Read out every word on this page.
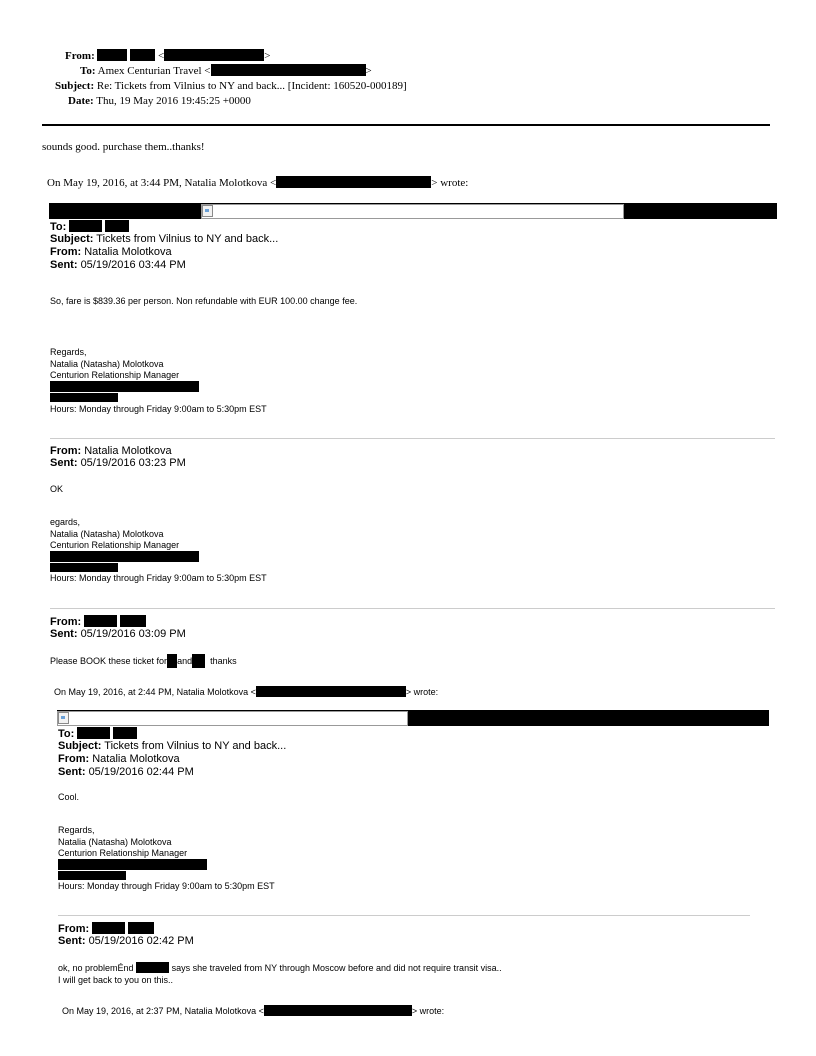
From:	<	>
To: Amex Centurian Travel <	>
Subject: Re: Tickets from Vilnius to NY and back... [Incident: 160520-000189]
Date: Thu, 19 May 2016 19:45:25 +0000
sounds good. purchase them..thanks!
On May 19, 2016, at 3:44 PM, Natalia Molotkova <	> wrote:
To:
Subject: Tickets from Vilnius to NY and back...
From: Natalia Molotkova
Sent: 05/19/2016 03:44 PM
So, fare is $839.36 per person. Non refundable with EUR 100.00 change fee.
Regards,
Natalia (Natasha) Molotkova
Centurion Relationship Manager
Hours: Monday through Friday 9:00am to 5:30pm EST
From: Natalia Molotkova
Sent: 05/19/2016 03:23 PM
OK
egards,
Natalia (Natasha) Molotkova
Centurion Relationship Manager
Hours: Monday through Friday 9:00am to 5:30pm EST
From:
Sent: 05/19/2016 03:09 PM
Please BOOK these ticket for and thanks
On May 19, 2016, at 2:44 PM, Natalia Molotkova <	> wrote:
To:
Subject: Tickets from Vilnius to NY and back...
From: Natalia Molotkova
Sent: 05/19/2016 02:44 PM
Cool.
Regards,
Natalia (Natasha) Molotkova
Centurion Relationship Manager
Hours: Monday through Friday 9:00am to 5:30pm EST
From:
Sent: 05/19/2016 02:42 PM
ok, no problemÉnd	says she traveled from NY through Moscow before and did not require transit visa..
I will get back to you on this..
On May 19, 2016, at 2:37 PM, Natalia Molotkova <	> wrote:
